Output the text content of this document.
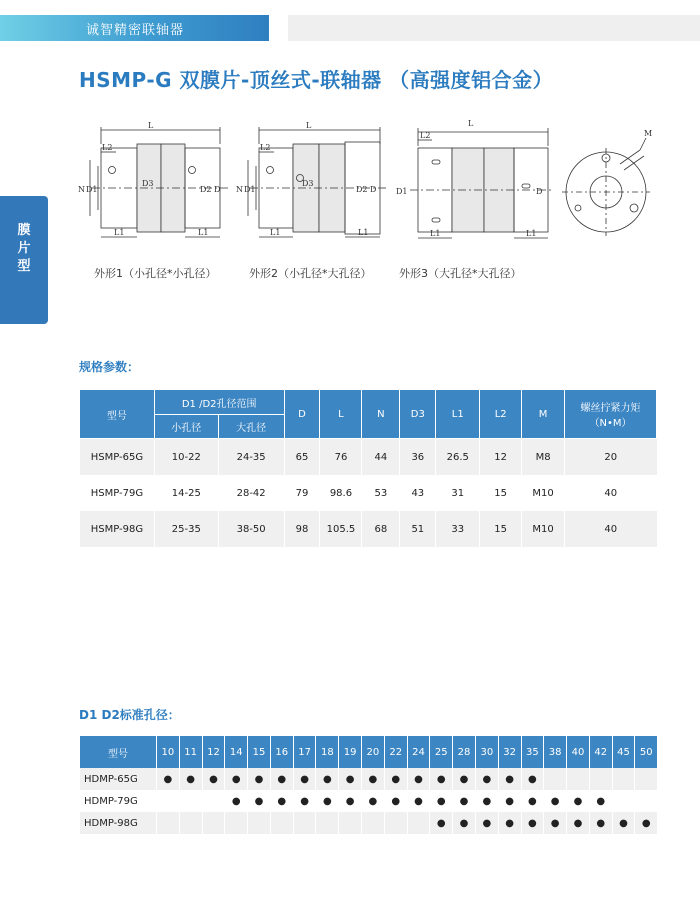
诚智精密联轴器
HSMP-G 双膜片-顶丝式-联轴器 （高强度铝合金）
膜
片
型
L
N D1
D3
D2 D
L1	L1
L2
L
N D1
D3
D2 D
L1	L1
L2
L
D1	D
L2
L1	L1
M
外形1（小孔径*小孔径）	外形2（小孔径*大孔径）	外形3（大孔径*大孔径）
规格参数：
型号	D1 /D2孔径范围		D	L	N	D3	L1	L2	M	螺丝拧紧力矩
（N•M）

	小孔径	大孔径								
HSMP-65G	10-22	24-35	65	76	44	36	26.5	12	M8	20
HSMP-79G	14-25	28-42	79	98.6	53	43	31	15	M10	40
HSMP-98G	25-35	38-50	98	105.5	68	51	33	15	M10	40
D1 D2标准孔径：
型号	10	11	12	14	15	16	17	18	19	20	22	24	25	28	30	32	35	38	40	42	45	50
HDMP-65G	●	●	●	●	●	●	●	●	●	●	●	●	●	●	●	●	●					
HDMP-79G				●	●	●	●	●	●	●	●	●	●	●	●	●	●	●	●	●		
HDMP-98G													●	●	●	●	●	●	●	●	●	●
